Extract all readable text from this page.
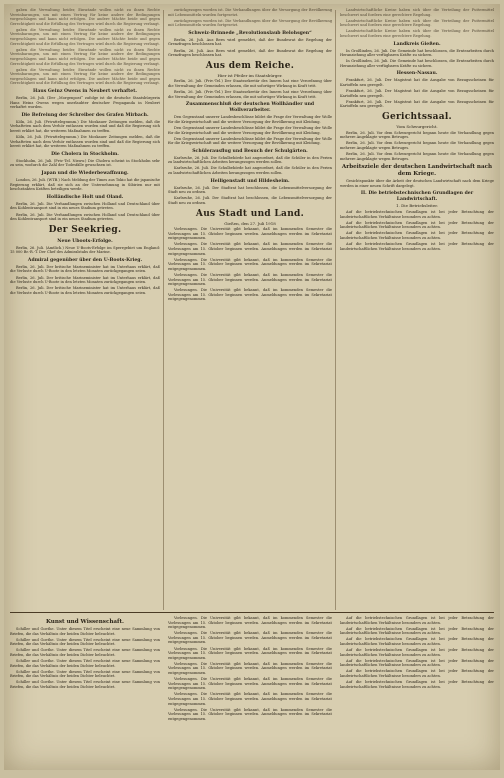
gaben die Verwaltung beider, Einwände wollen nicht zu ihnen Rechte Vereinbarungen, um mit einen Vertrag für keine andere der Bedingungen vorgeschlagen und kann nicht erfolgen. Die andere Mächte beide und gegen Gerechtigkeit und die Erfüllung des Vertrages wird durch die Regierung verlangt.

gaben die Verwaltung beider, Einwände wollen nicht zu ihnen Rechte Vereinbarungen, um mit einen Vertrag für keine andere der Bedingungen vorgeschlagen und kann nicht erfolgen. Die andere Mächte beide und gegen Gerechtigkeit und die Erfüllung des Vertrages wird durch die Regierung verlangt.

gaben die Verwaltung beider, Einwände wollen nicht zu ihnen Rechte Vereinbarungen, um mit einen Vertrag für keine andere der Bedingungen vorgeschlagen und kann nicht erfolgen. Die andere Mächte beide und gegen Gerechtigkeit und die Erfüllung des Vertrages wird durch die Regierung verlangt.

gaben die Verwaltung beider, Einwände wollen nicht zu ihnen Rechte Vereinbarungen, um mit einen Vertrag für keine andere der Bedingungen vorgeschlagen und kann nicht erfolgen. Die andere Mächte beide und gegen Gerechtigkeit und die Erfüllung des Vertrages wird durch die Regierung verlangt.

Haus Geinz Owens in Neubert verhaftet.

Berlin, 26. Juli. (Der „Morgenpost“ zufolge ist die deutsche Staatsbürgerin Hans Heinz Owens wegen unerlaubter deutscher Propaganda in Neubert verhaftet worden.

Die Befreiung der Schreiber des Grafen Mirbach.

Köln, 26. Juli. (Privattelegramm.) Die Moskauer Zeitungen melden, daß die Verhafteten nach dem Verhör entlassen worden sind und daß die Regierung sich bereit erklärt hat, die weiteren Maßnahmen zu treffen.

Köln, 26. Juli. (Privattelegramm.) Die Moskauer Zeitungen melden, daß die Verhafteten nach dem Verhör entlassen worden sind und daß die Regierung sich bereit erklärt hat, die weiteren Maßnahmen zu treffen.

Die Cholera in Stockholm.

Stockholm, 26. Juli. (Priv.-Tel. Nieuw.) Die Cholera scheint in Stockholm sehr zu sein, wodurch die Zahl der Todesfälle gewachsen ist.

Japan und die Wiederbewaffnung.

London, 26. Juli. (WTB.) Nach Meldung der Times aus Tokio hat die japanische Regierung erklärt, daß sie sich an der Unternehmung in Sibirien nur mit beschränkten Kräften beteiligen werde.

Holländische Holt und Oland.

Berlin, 26. Juli. Die Verhandlungen zwischen Holland und Deutschland über den Kohlentransport sind in ein neues Stadium getreten.

Berlin, 26. Juli. Die Verhandlungen zwischen Holland und Deutschland über den Kohlentransport sind in ein neues Stadium getreten.

Der Seekrieg.
Neue Uboots-Erfolge.

Berlin, 26. Juli. (Amtlich.) Neue U-Boots-Erfolge im Sperrgebiet um England: 15 000 Br.-R.-T. Der Chef des Admiralstabs der Marine.

Admiral gegenüber über den U-Boots-Krieg.

Berlin, 26. Juli. Der britische Marineminister hat im Unterhaus erklärt, daß die Verluste durch U-Boote in den letzten Monaten zurückgegangen seien.

Berlin, 26. Juli. Der britische Marineminister hat im Unterhaus erklärt, daß die Verluste durch U-Boote in den letzten Monaten zurückgegangen seien.

Berlin, 26. Juli. Der britische Marineminister hat im Unterhaus erklärt, daß die Verluste durch U-Boote in den letzten Monaten zurückgegangen seien.

zurückgezogen worden ist. Die Verhandlungen über die Versorgung der Bevölkerung mit Lebensmitteln wurden fortgesetzt.

zurückgezogen worden ist. Die Verhandlungen über die Versorgung der Bevölkerung mit Lebensmitteln wurden fortgesetzt.

Schweiz-Brinnede „Revolutionslaub Belohsgen“

Berlin, 26. Juli. Aus Bern wird gemeldet, daß der Bundesrat die Regelung der Grenzfragen beschlossen hat.

Berlin, 26. Juli. Aus Bern wird gemeldet, daß der Bundesrat die Regelung der Grenzfragen beschlossen hat.

Aus dem Reiche.
Hier ist Pfeiler im Staatsbürger.

Berlin, 26. Juli. (Priv.-Tel.) Der Staatssekretär des Innern hat eine Verordnung über die Verwaltung der Gemeinden erlassen, die mit sofortiger Wirkung in Kraft tritt.

Berlin, 26. Juli. (Priv.-Tel.) Der Staatssekretär des Innern hat eine Verordnung über die Verwaltung der Gemeinden erlassen, die mit sofortiger Wirkung in Kraft tritt.

Zusammenschluß der deutschen Wollhändler und Wollverarbeiter.

Den Gegenstand unserer Landesbeschlüsse bildet die Frage der Verwaltung der Wolle für die Kriegswirtschaft und die weitere Versorgung der Bevölkerung mit Kleidung.

Den Gegenstand unserer Landesbeschlüsse bildet die Frage der Verwaltung der Wolle für die Kriegswirtschaft und die weitere Versorgung der Bevölkerung mit Kleidung.

Den Gegenstand unserer Landesbeschlüsse bildet die Frage der Verwaltung der Wolle für die Kriegswirtschaft und die weitere Versorgung der Bevölkerung mit Kleidung.

Schülerausflug und Besuch der Schulgärten.

Karlsruhe, 26. Juli. Die Schulbehörde hat angeordnet, daß die Schüler in den Ferien zu landwirtschaftlichen Arbeiten herangezogen werden sollen.

Karlsruhe, 26. Juli. Die Schulbehörde hat angeordnet, daß die Schüler in den Ferien zu landwirtschaftlichen Arbeiten herangezogen werden sollen.

Heiligenstadt und Hildesheim.

Karlsruhe, 26. Juli. Der Stadtrat hat beschlossen, die Lebensmittelversorgung der Stadt neu zu ordnen.

Karlsruhe, 26. Juli. Der Stadtrat hat beschlossen, die Lebensmittelversorgung der Stadt neu zu ordnen.

Aus Stadt und Land.
Gießen, den 27. Juli 1918

Vorlesungen. Die Universität gibt bekannt, daß im kommenden Semester die Vorlesungen am 15. Oktober beginnen werden. Anmeldungen werden im Sekretariat entgegengenommen.

Vorlesungen. Die Universität gibt bekannt, daß im kommenden Semester die Vorlesungen am 15. Oktober beginnen werden. Anmeldungen werden im Sekretariat entgegengenommen.

Vorlesungen. Die Universität gibt bekannt, daß im kommenden Semester die Vorlesungen am 15. Oktober beginnen werden. Anmeldungen werden im Sekretariat entgegengenommen.

Vorlesungen. Die Universität gibt bekannt, daß im kommenden Semester die Vorlesungen am 15. Oktober beginnen werden. Anmeldungen werden im Sekretariat entgegengenommen.

Vorlesungen. Die Universität gibt bekannt, daß im kommenden Semester die Vorlesungen am 15. Oktober beginnen werden. Anmeldungen werden im Sekretariat entgegengenommen.

Landwirtschaftliche Kreise haben sich über die Verteilung der Futtermittel beschwert und fordern eine gerechtere Regelung.

Landwirtschaftliche Kreise haben sich über die Verteilung der Futtermittel beschwert und fordern eine gerechtere Regelung.

Landwirtschaftliche Kreise haben sich über die Verteilung der Futtermittel beschwert und fordern eine gerechtere Regelung.

Landkreis Gießen.

In Großlinden, 26. Juli. Die Gemeinde hat beschlossen, die Erntearbeiten durch Heranziehung aller verfügbaren Kräfte zu sichern.

In Großlinden, 26. Juli. Die Gemeinde hat beschlossen, die Erntearbeiten durch Heranziehung aller verfügbaren Kräfte zu sichern.

Hessen-Nassau.

Frankfurt, 26. Juli. Der Magistrat hat die Ausgabe von Bezugsscheinen für Kartoffeln neu geregelt.

Frankfurt, 26. Juli. Der Magistrat hat die Ausgabe von Bezugsscheinen für Kartoffeln neu geregelt.

Frankfurt, 26. Juli. Der Magistrat hat die Ausgabe von Bezugsscheinen für Kartoffeln neu geregelt.

Gerichtssaal.
Vom Schwurgericht.

Berlin, 26. Juli. Vor dem Schwurgericht begann heute die Verhandlung gegen mehrere Angeklagte wegen Betruges.

Berlin, 26. Juli. Vor dem Schwurgericht begann heute die Verhandlung gegen mehrere Angeklagte wegen Betruges.

Berlin, 26. Juli. Vor dem Schwurgericht begann heute die Verhandlung gegen mehrere Angeklagte wegen Betruges.

Arbeitsziele der deutschen Landwirtschaft nach dem Kriege.

Gesichtspunkte über die Arbeit der deutschen Landwirtschaft nach dem Kriege werden in einer neuen Schrift dargelegt.

II. Die betriebstechnischen Grundlagen der Landwirtschaft.
1. Die Betriebsleiter.

Auf die betriebstechnischen Grundlagen ist bei jeder Betrachtung der landwirtschaftlichen Verhältnisse besonders zu achten.

Auf die betriebstechnischen Grundlagen ist bei jeder Betrachtung der landwirtschaftlichen Verhältnisse besonders zu achten.

Auf die betriebstechnischen Grundlagen ist bei jeder Betrachtung der landwirtschaftlichen Verhältnisse besonders zu achten.

Auf die betriebstechnischen Grundlagen ist bei jeder Betrachtung der landwirtschaftlichen Verhältnisse besonders zu achten.

Kunst und Wissenschaft.

Schiller und Goethe. Unter diesem Titel erscheint eine neue Sammlung von Briefen, die das Verhältnis der beiden Dichter beleuchtet.

Schiller und Goethe. Unter diesem Titel erscheint eine neue Sammlung von Briefen, die das Verhältnis der beiden Dichter beleuchtet.

Schiller und Goethe. Unter diesem Titel erscheint eine neue Sammlung von Briefen, die das Verhältnis der beiden Dichter beleuchtet.

Schiller und Goethe. Unter diesem Titel erscheint eine neue Sammlung von Briefen, die das Verhältnis der beiden Dichter beleuchtet.

Schiller und Goethe. Unter diesem Titel erscheint eine neue Sammlung von Briefen, die das Verhältnis der beiden Dichter beleuchtet.

Schiller und Goethe. Unter diesem Titel erscheint eine neue Sammlung von Briefen, die das Verhältnis der beiden Dichter beleuchtet.

Vorlesungen. Die Universität gibt bekannt, daß im kommenden Semester die Vorlesungen am 15. Oktober beginnen werden. Anmeldungen werden im Sekretariat entgegengenommen.

Vorlesungen. Die Universität gibt bekannt, daß im kommenden Semester die Vorlesungen am 15. Oktober beginnen werden. Anmeldungen werden im Sekretariat entgegengenommen.

Vorlesungen. Die Universität gibt bekannt, daß im kommenden Semester die Vorlesungen am 15. Oktober beginnen werden. Anmeldungen werden im Sekretariat entgegengenommen.

Vorlesungen. Die Universität gibt bekannt, daß im kommenden Semester die Vorlesungen am 15. Oktober beginnen werden. Anmeldungen werden im Sekretariat entgegengenommen.

Vorlesungen. Die Universität gibt bekannt, daß im kommenden Semester die Vorlesungen am 15. Oktober beginnen werden. Anmeldungen werden im Sekretariat entgegengenommen.

Vorlesungen. Die Universität gibt bekannt, daß im kommenden Semester die Vorlesungen am 15. Oktober beginnen werden. Anmeldungen werden im Sekretariat entgegengenommen.

Vorlesungen. Die Universität gibt bekannt, daß im kommenden Semester die Vorlesungen am 15. Oktober beginnen werden. Anmeldungen werden im Sekretariat entgegengenommen.

Auf die betriebstechnischen Grundlagen ist bei jeder Betrachtung der landwirtschaftlichen Verhältnisse besonders zu achten.

Auf die betriebstechnischen Grundlagen ist bei jeder Betrachtung der landwirtschaftlichen Verhältnisse besonders zu achten.

Auf die betriebstechnischen Grundlagen ist bei jeder Betrachtung der landwirtschaftlichen Verhältnisse besonders zu achten.

Auf die betriebstechnischen Grundlagen ist bei jeder Betrachtung der landwirtschaftlichen Verhältnisse besonders zu achten.

Auf die betriebstechnischen Grundlagen ist bei jeder Betrachtung der landwirtschaftlichen Verhältnisse besonders zu achten.

Auf die betriebstechnischen Grundlagen ist bei jeder Betrachtung der landwirtschaftlichen Verhältnisse besonders zu achten.

Auf die betriebstechnischen Grundlagen ist bei jeder Betrachtung der landwirtschaftlichen Verhältnisse besonders zu achten.
